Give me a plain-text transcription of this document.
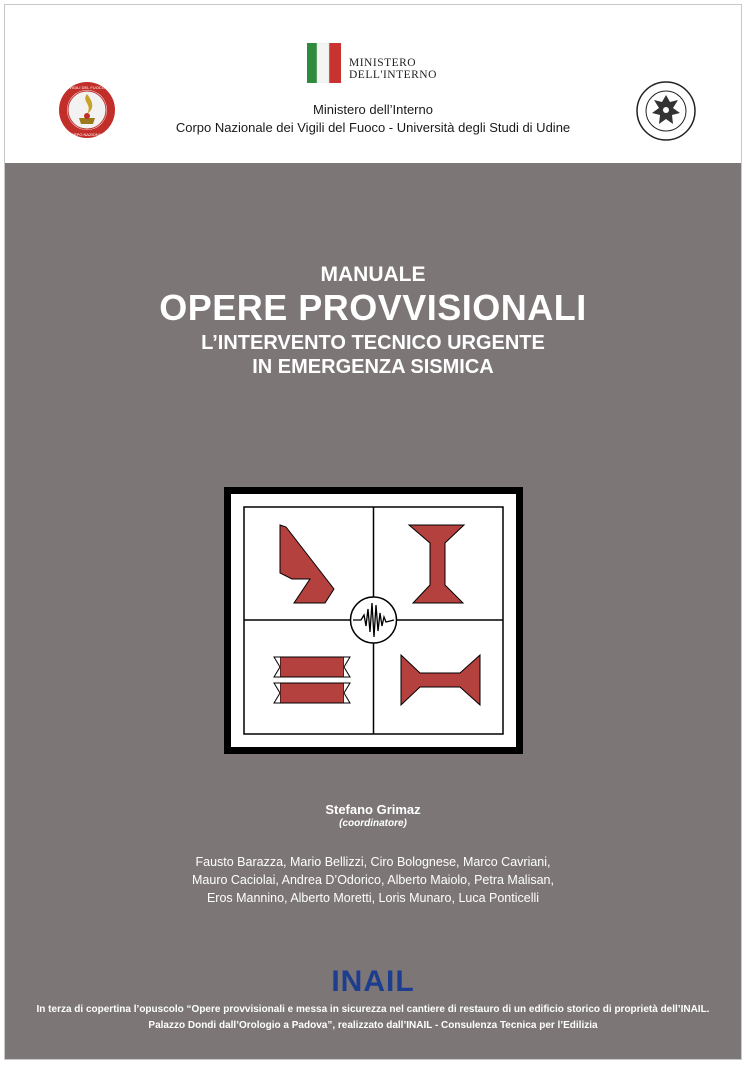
VIGILI DEL FUOCO
CORPO NAZIONALE
MINISTERO
DELL'INTERNO
Ministero dell’Interno
Corpo Nazionale dei Vigili del Fuoco - Università degli Studi di Udine
MANUALE
OPERE PROVVISIONALI
L’INTERVENTO TECNICO URGENTE
IN EMERGENZA SISMICA
Stefano Grimaz
(coordinatore)
Fausto Barazza, Mario Bellizzi, Ciro Bolognese, Marco Cavriani,
Mauro Caciolai, Andrea D’Odorico, Alberto Maiolo, Petra Malisan,
Eros Mannino, Alberto Moretti, Loris Munaro, Luca Ponticelli
INAIL
In terza di copertina l’opuscolo “Opere provvisionali e messa in sicurezza nel cantiere di restauro di un edificio storico di proprietà dell’INAIL.
Palazzo Dondi dall’Orologio a Padova”, realizzato dall’INAIL - Consulenza Tecnica per l’Edilizia
